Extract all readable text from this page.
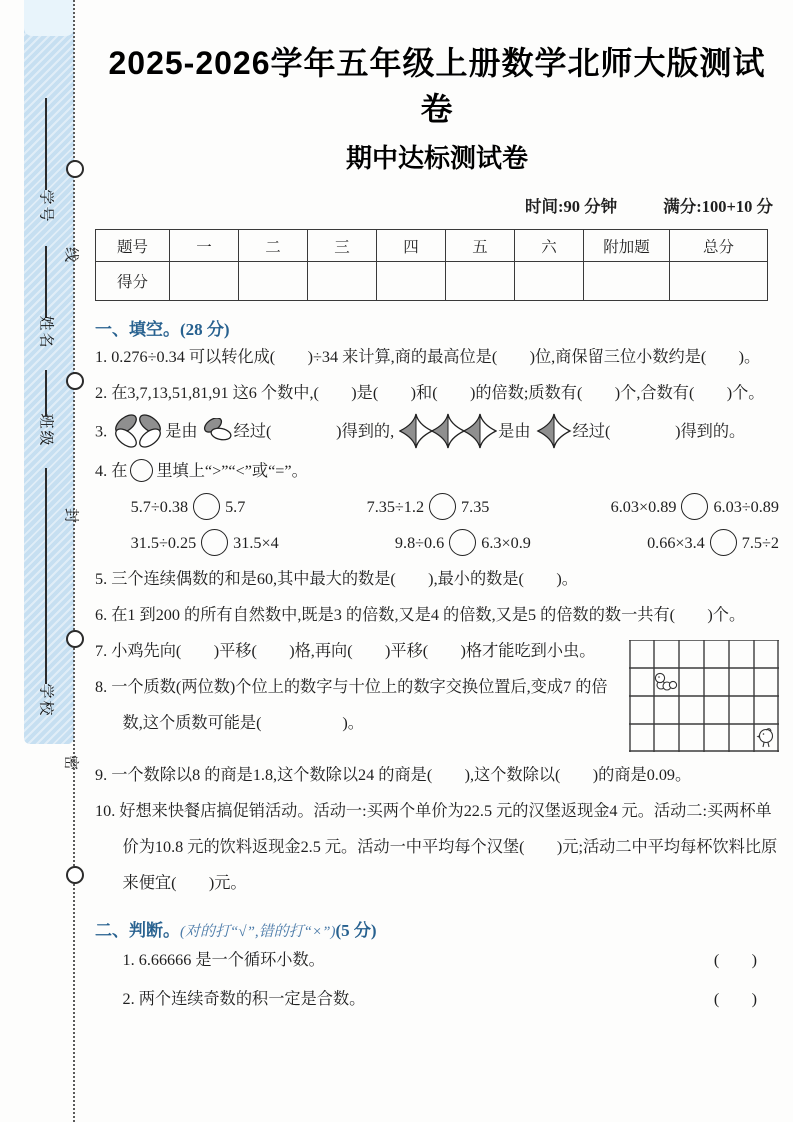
学号
姓名
班级
学校
线
封
密
2025-2026学年五年级上册数学北师大版测试卷
期中达标测试卷
时间:90 分钟	满分:100+10 分
题号	一	二	三	四	五	六	附加题	总分
得分								

一、填空。(28 分)

1. 0.276÷0.34 可以转化成(　　)÷34 来计算,商的最高位是(　　)位,商保留三位小数约是(　　)。

2. 在3,7,13,51,81,91 这6 个数中,(　　)是(　　)和(　　)的倍数;质数有(　　)个,合数有(　　)个。

3.	是由 经过(　　　　)得到的,	是由	经过(　　　　)得到的。

4. 在 里填上“>”“<”或“=”。

5.7÷0.38 5.7	7.35÷1.2 7.35	6.03×0.89 6.03÷0.89
31.5÷0.25 31.5×4	9.8÷0.6 6.3×0.9	0.66×3.4 7.5÷2

5. 三个连续偶数的和是60,其中最大的数是(　　),最小的数是(　　)。

6. 在1 到200 的所有自然数中,既是3 的倍数,又是4 的倍数,又是5 的倍数的数一共有(　　)个。

7. 小鸡先向(　　)平移(　　)格,再向(　　)平移(　　)格才能吃到小虫。

8. 一个质数(两位数)个位上的数字与十位上的数字交换位置后,变成7 的倍数,这个质数可能是(　　　　　)。

9. 一个数除以8 的商是1.8,这个数除以24 的商是(　　),这个数除以(　　)的商是0.09。

10. 好想来快餐店搞促销活动。活动一:买两个单价为22.5 元的汉堡返现金4 元。活动二:买两杯单价为10.8 元的饮料返现金2.5 元。活动一中平均每个汉堡(　　)元;活动二中平均每杯饮料比原来便宜(　　)元。

二、判断。(对的打“√”,错的打“×”)(5 分)

1. 6.66666 是一个循环小数。	(　　)
2. 两个连续奇数的积一定是合数。	(　　)
